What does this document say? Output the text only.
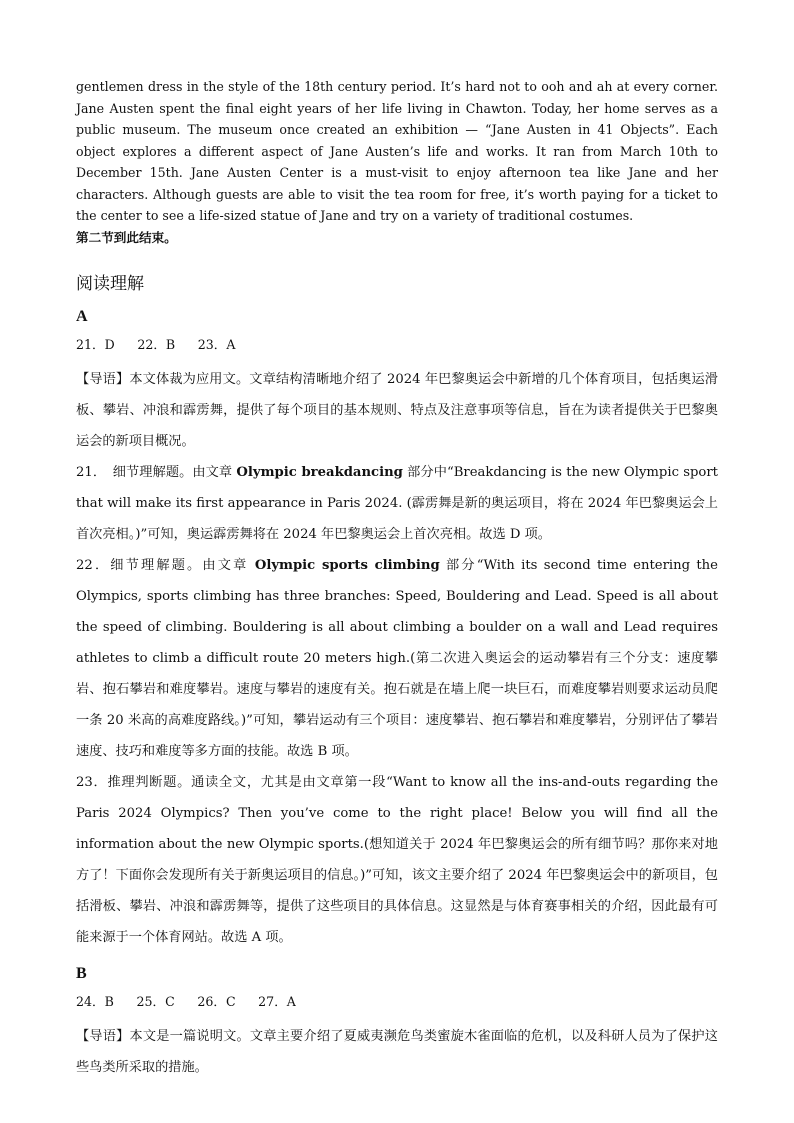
gentlemen dress in the style of the 18th century period. It’s hard not to ooh and ah at every corner. Jane Austen spent the final eight years of her life living in Chawton. Today, her home serves as a public museum. The museum once created an exhibition — “Jane Austen in 41 Objects”. Each object explores a different aspect of Jane Austen’s life and works. It ran from March 10th to December 15th. Jane Austen Center is a must-visit to enjoy afternoon tea like Jane and her characters. Although guests are able to visit the tea room for free, it’s worth paying for a ticket to the center to see a life-sized statue of Jane and try on a variety of traditional costumes.

第二节到此结束。

阅读理解
A
21．D　 22．B　 23．A

【导语】本文体裁为应用文。文章结构清晰地介绍了 2024 年巴黎奥运会中新增的几个体育项目，包括奥运滑板、攀岩、冲浪和霹雳舞，提供了每个项目的基本规则、特点及注意事项等信息，旨在为读者提供关于巴黎奥运会的新项目概况。

21．　细节理解题。由文章 Olympic breakdancing 部分中“Breakdancing is the new Olympic sport that will make its first appearance in Paris 2024. (霹雳舞是新的奥运项目，将在 2024 年巴黎奥运会上首次亮相。)”可知，奥运霹雳舞将在 2024 年巴黎奥运会上首次亮相。故选 D 项。

22．细节理解题。由文章 Olympic sports climbing 部分“With its second time entering the Olympics, sports climbing has three branches: Speed, Bouldering and Lead. Speed is all about the speed of climbing. Bouldering is all about climbing a boulder on a wall and Lead requires athletes to climb a difficult route 20 meters high.(第二次进入奥运会的运动攀岩有三个分支：速度攀岩、抱石攀岩和难度攀岩。速度与攀岩的速度有关。抱石就是在墙上爬一块巨石，而难度攀岩则要求运动员爬一条 20 米高的高难度路线。)”可知，攀岩运动有三个项目：速度攀岩、抱石攀岩和难度攀岩，分别评估了攀岩速度、技巧和难度等多方面的技能。故选 B 项。

23．推理判断题。通读全文，尤其是由文章第一段“Want to know all the ins-and-outs regarding the Paris 2024 Olympics? Then you’ve come to the right place! Below you will find all the information about the new Olympic sports.(想知道关于 2024 年巴黎奥运会的所有细节吗？那你来对地方了！下面你会发现所有关于新奥运项目的信息。)”可知，该文主要介绍了 2024 年巴黎奥运会中的新项目，包括滑板、攀岩、冲浪和霹雳舞等，提供了这些项目的具体信息。这显然是与体育赛事相关的介绍，因此最有可能来源于一个体育网站。故选 A 项。

B
24．B　 25．C　 26．C　 27．A

【导语】本文是一篇说明文。文章主要介绍了夏威夷濒危鸟类蜜旋木雀面临的危机，以及科研人员为了保护这些鸟类所采取的措施。
